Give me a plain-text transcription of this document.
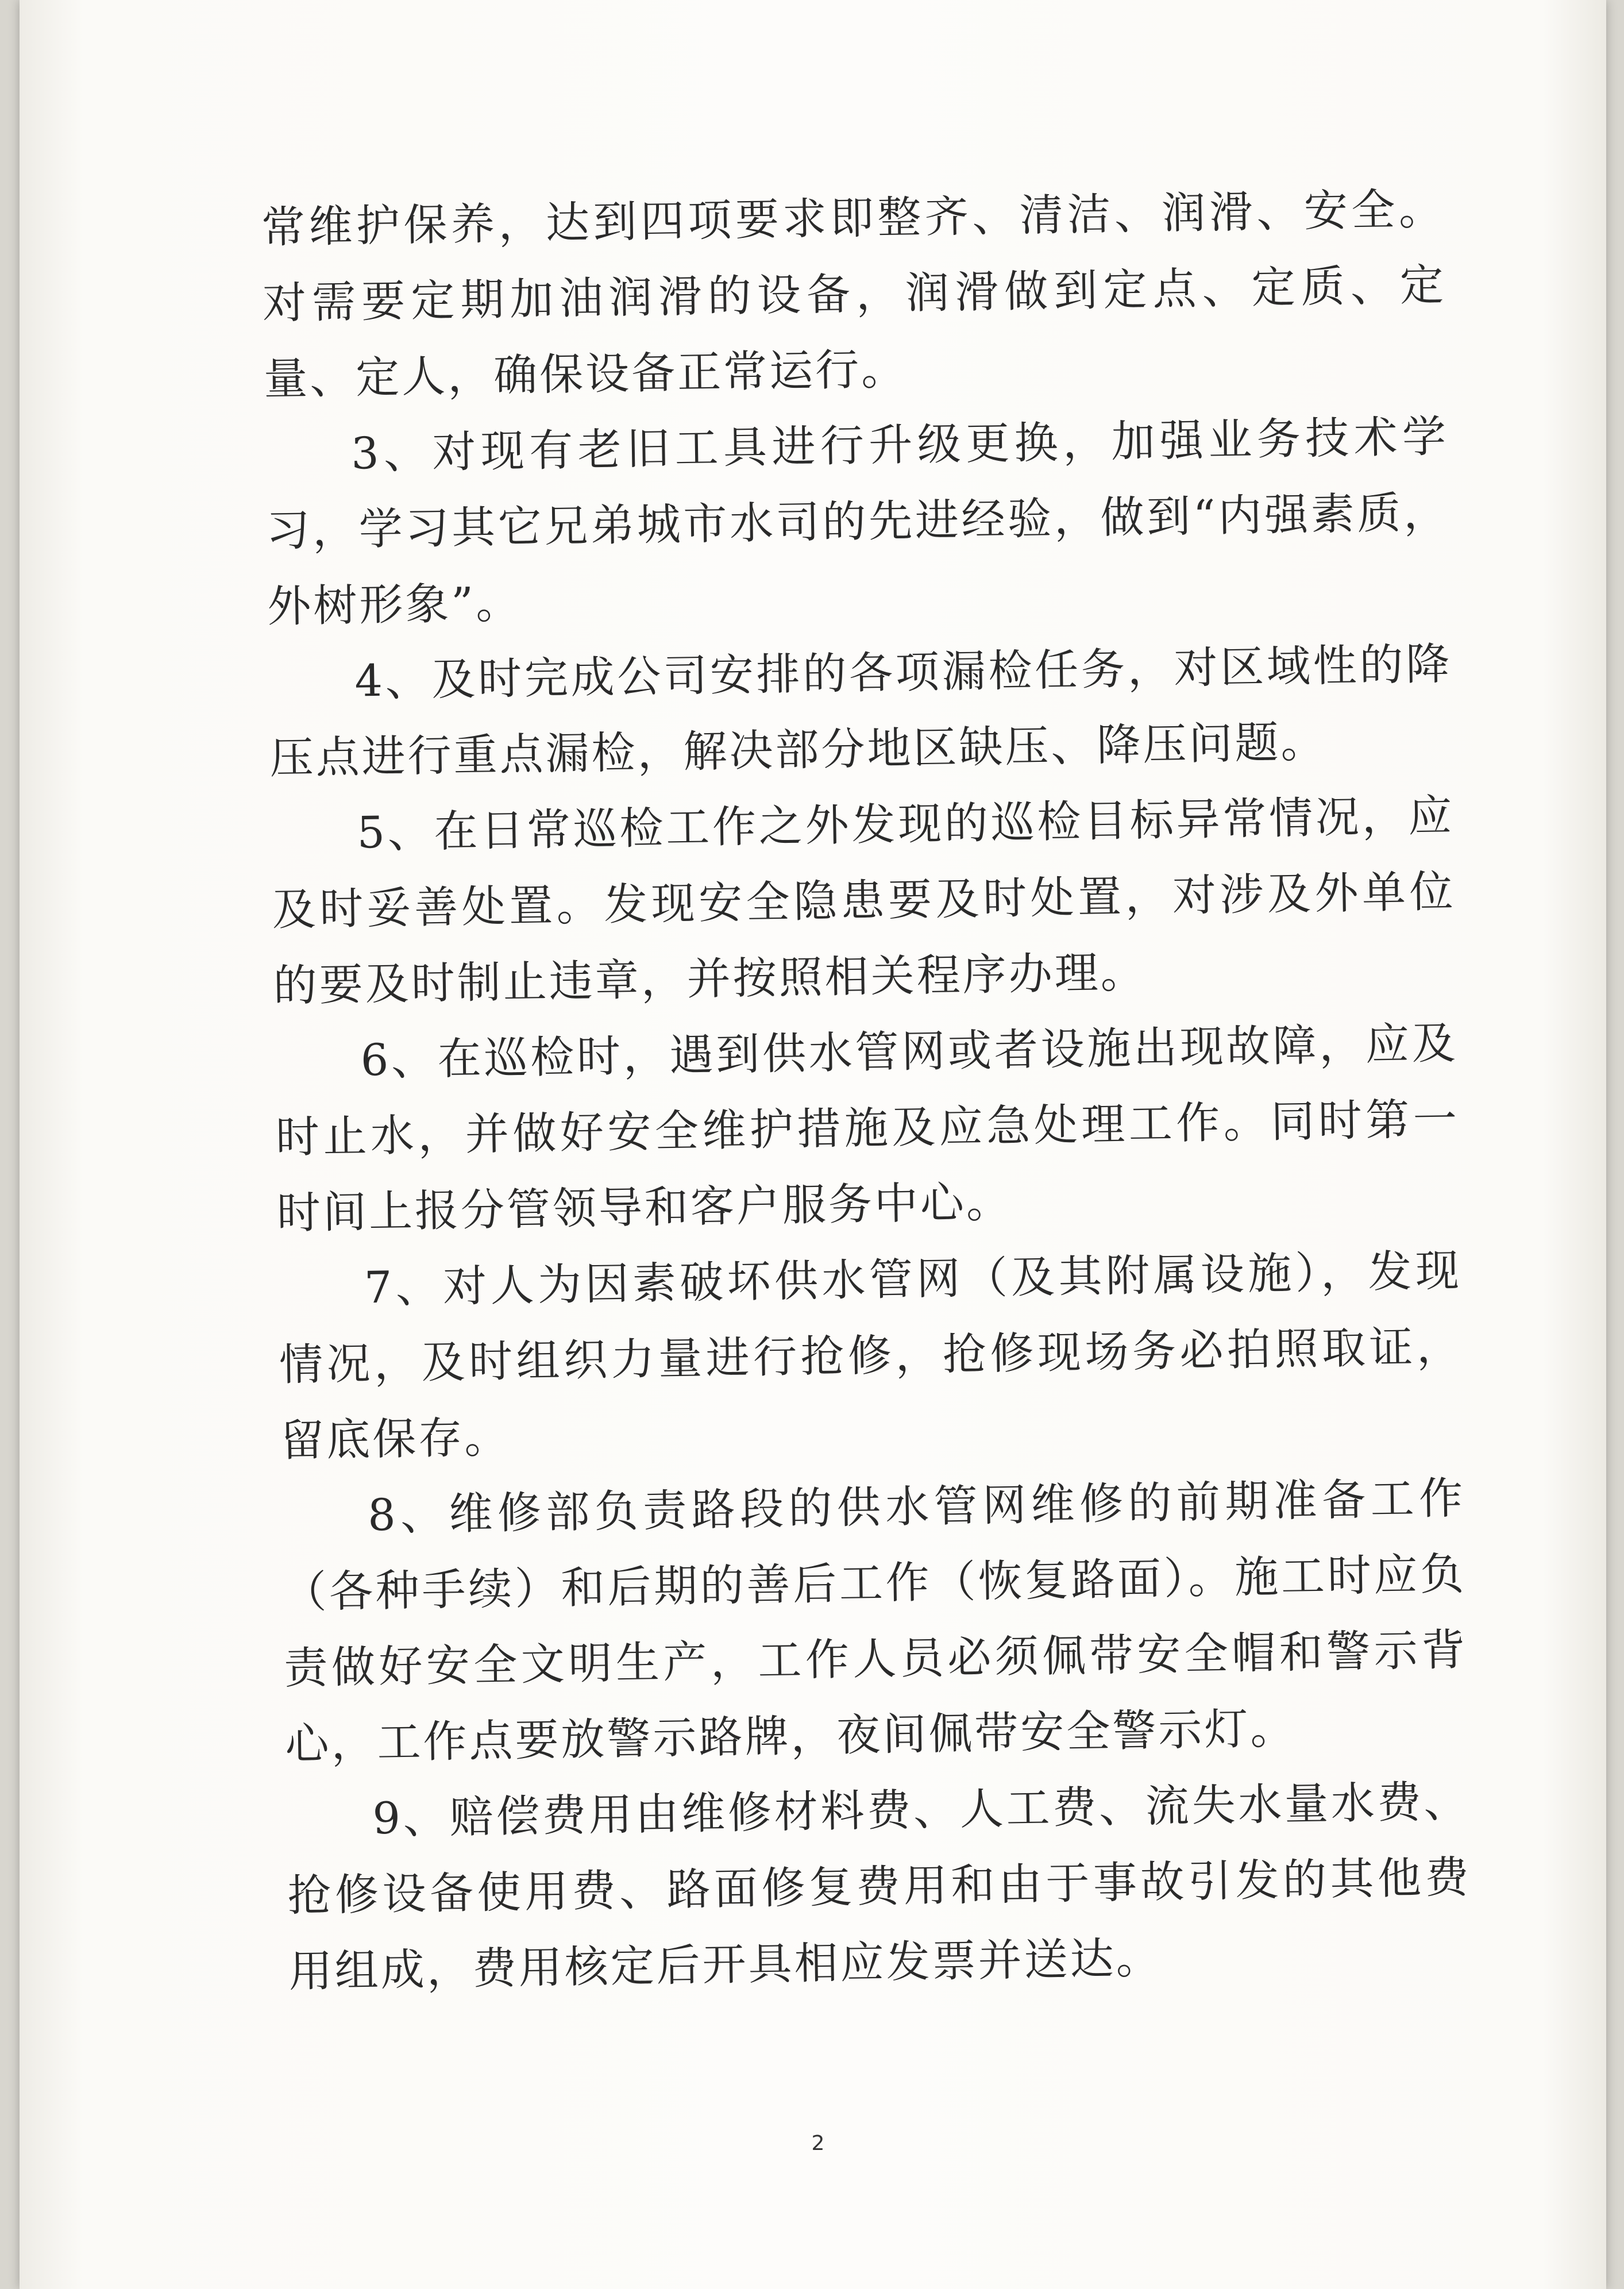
常维护保养，达到四项要求即整齐、清洁、润滑、安全。对需要定期加油润滑的设备，润滑做到定点、定质、定量、定人，确保设备正常运行。

3、对现有老旧工具进行升级更换，加强业务技术学习，学习其它兄弟城市水司的先进经验，做到“内强素质，外树形象”。

4、及时完成公司安排的各项漏检任务，对区域性的降压点进行重点漏检，解决部分地区缺压、降压问题。

5、在日常巡检工作之外发现的巡检目标异常情况，应及时妥善处置。发现安全隐患要及时处置，对涉及外单位的要及时制止违章，并按照相关程序办理。

6、在巡检时，遇到供水管网或者设施出现故障，应及时止水，并做好安全维护措施及应急处理工作。同时第一时间上报分管领导和客户服务中心。

7、对人为因素破坏供水管网（及其附属设施），发现情况，及时组织力量进行抢修，抢修现场务必拍照取证，留底保存。

8、维修部负责路段的供水管网维修的前期准备工作（各种手续）和后期的善后工作（恢复路面）。施工时应负责做好安全文明生产，工作人员必须佩带安全帽和警示背心，工作点要放警示路牌，夜间佩带安全警示灯。

9、赔偿费用由维修材料费、人工费、流失水量水费、抢修设备使用费、路面修复费用和由于事故引发的其他费用组成，费用核定后开具相应发票并送达。

2
